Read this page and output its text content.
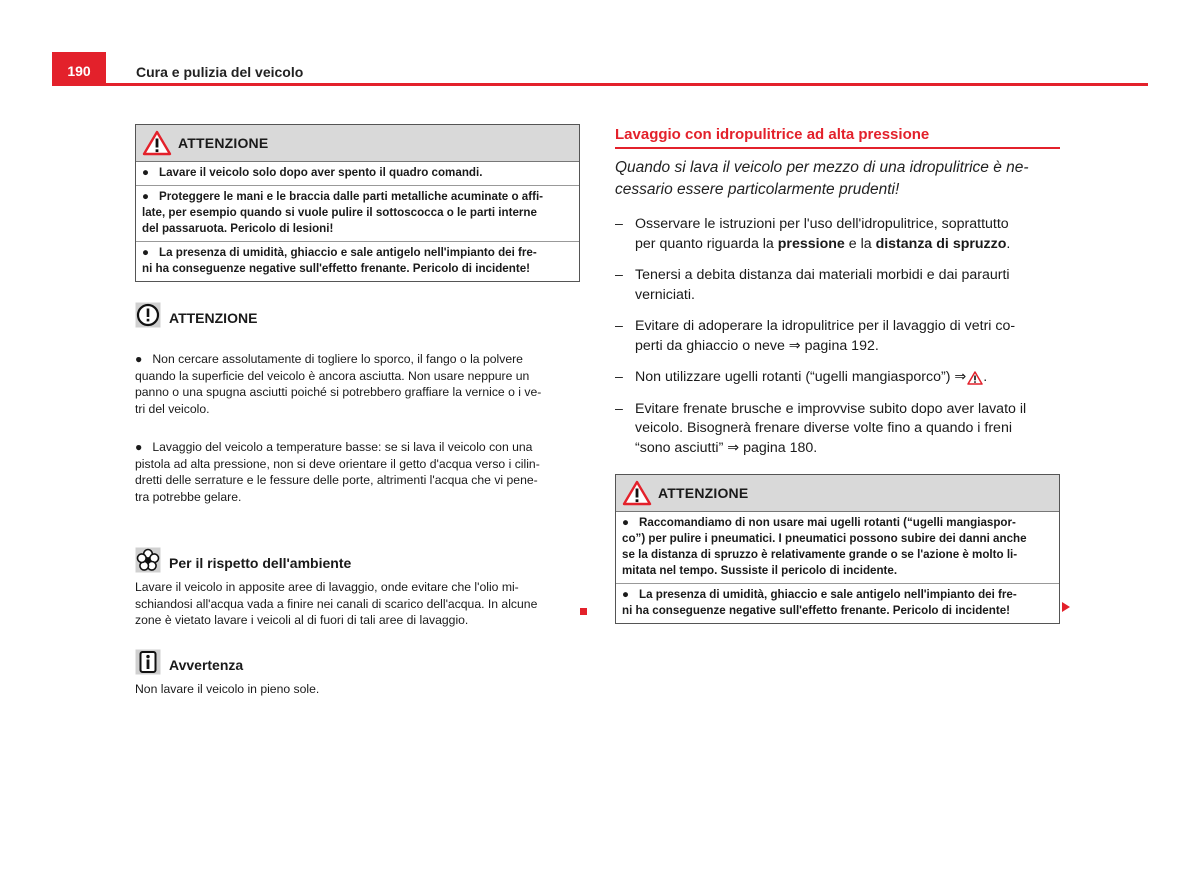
190	Cura e pulizia del veicolo
ATTENZIONE
● Lavare il veicolo solo dopo aver spento il quadro comandi.
● Proteggere le mani e le braccia dalle parti metalliche acuminate o affi-
late, per esempio quando si vuole pulire il sottoscocca o le parti interne
del passaruota. Pericolo di lesioni!
● La presenza di umidità, ghiaccio e sale antigelo nell'impianto dei fre-
ni ha conseguenze negative sull'effetto frenante. Pericolo di incidente!
ATTENZIONE

● Non cercare assolutamente di togliere lo sporco, il fango o la polvere
quando la superficie del veicolo è ancora asciutta. Non usare neppure un
panno o una spugna asciutti poiché si potrebbero graffiare la vernice o i ve-
tri del veicolo.

● Lavaggio del veicolo a temperature basse: se si lava il veicolo con una
pistola ad alta pressione, non si deve orientare il getto d'acqua verso i cilin-
dretti delle serrature e le fessure delle porte, altrimenti l'acqua che vi pene-
tra potrebbe gelare.

Per il rispetto dell'ambiente
Lavare il veicolo in apposite aree di lavaggio, onde evitare che l'olio mi-
schiandosi all'acqua vada a finire nei canali di scarico dell'acqua. In alcune
zone è vietato lavare i veicoli al di fuori di tali aree di lavaggio.
Avvertenza
Non lavare il veicolo in pieno sole.
Lavaggio con idropulitrice ad alta pressione
Quando si lava il veicolo per mezzo di una idropulitrice è ne-
cessario essere particolarmente prudenti!
– Osservare le istruzioni per l'uso dell'idropulitrice, soprattutto
per quanto riguarda la pressione e la distanza di spruzzo.
– Tenersi a debita distanza dai materiali morbidi e dai paraurti
verniciati.
– Evitare di adoperare la idropulitrice per il lavaggio di vetri co-
perti da ghiaccio o neve ⇒ pagina 192.
– Non utilizzare ugelli rotanti (“ugelli mangiasporco”) ⇒ .
– Evitare frenate brusche e improvvise subito dopo aver lavato il
veicolo. Bisognerà frenare diverse volte fino a quando i freni
“sono asciutti” ⇒ pagina 180.
ATTENZIONE
● Raccomandiamo di non usare mai ugelli rotanti (“ugelli mangiaspor-
co”) per pulire i pneumatici. I pneumatici possono subire dei danni anche
se la distanza di spruzzo è relativamente grande o se l'azione è molto li-
mitata nel tempo. Sussiste il pericolo di incidente.
● La presenza di umidità, ghiaccio e sale antigelo nell'impianto dei fre-
ni ha conseguenze negative sull'effetto frenante. Pericolo di incidente!
